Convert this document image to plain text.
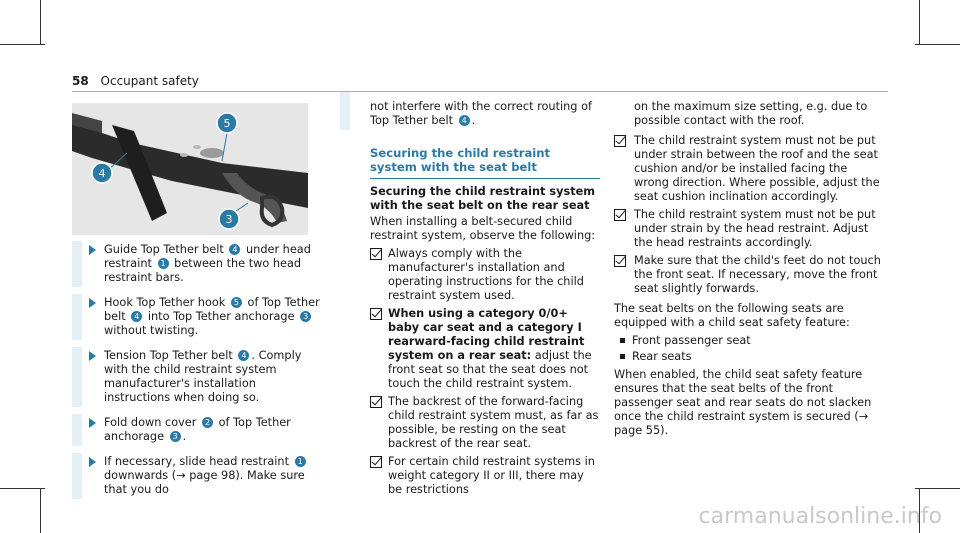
58 Occupant safety
4
5
3
Guide Top Tether belt 4 under head restraint 1 between the two head restraint bars.
Hook Top Tether hook 5 of Top Tether belt 4 into Top Tether anchorage 3 without twisting.
Tension Top Tether belt 4 . Comply with the child restraint system manufacturer's installation instructions when doing so.
Fold down cover 2 of Top Tether anchorage 3 .
If necessary, slide head restraint 1 downwards (→ page 98). Make sure that you do
not interfere with the correct routing of Top Tether belt 4 .
Securing the child restraint system with the seat belt
Securing the child restraint system with the seat belt on the rear seat
When installing a belt-secured child restraint system, observe the following:
Always comply with the manufacturer's installation and operating instructions for the child restraint system used.
When using a category 0/0+ baby car seat and a category I rearward-facing child restraint system on a rear seat: adjust the front seat so that the seat does not touch the child restraint system.
The backrest of the forward-facing child restraint system must, as far as possible, be resting on the seat backrest of the rear seat.
For certain child restraint systems in weight category II or III, there may be restrictions
on the maximum size setting, e.g. due to possible contact with the roof.
The child restraint system must not be put under strain between the roof and the seat cushion and/or be installed facing the wrong direction. Where possible, adjust the seat cushion inclination accordingly.
The child restraint system must not be put under strain by the head restraint. Adjust the head restraints accordingly.
Make sure that the child's feet do not touch the front seat. If necessary, move the front seat slightly forwards.
The seat belts on the following seats are equipped with a child seat safety feature:
Front passenger seat
Rear seats
When enabled, the child seat safety feature ensures that the seat belts of the front passenger seat and rear seats do not slacken once the child restraint system is secured (→ page 55).
carmanualsonline.info
